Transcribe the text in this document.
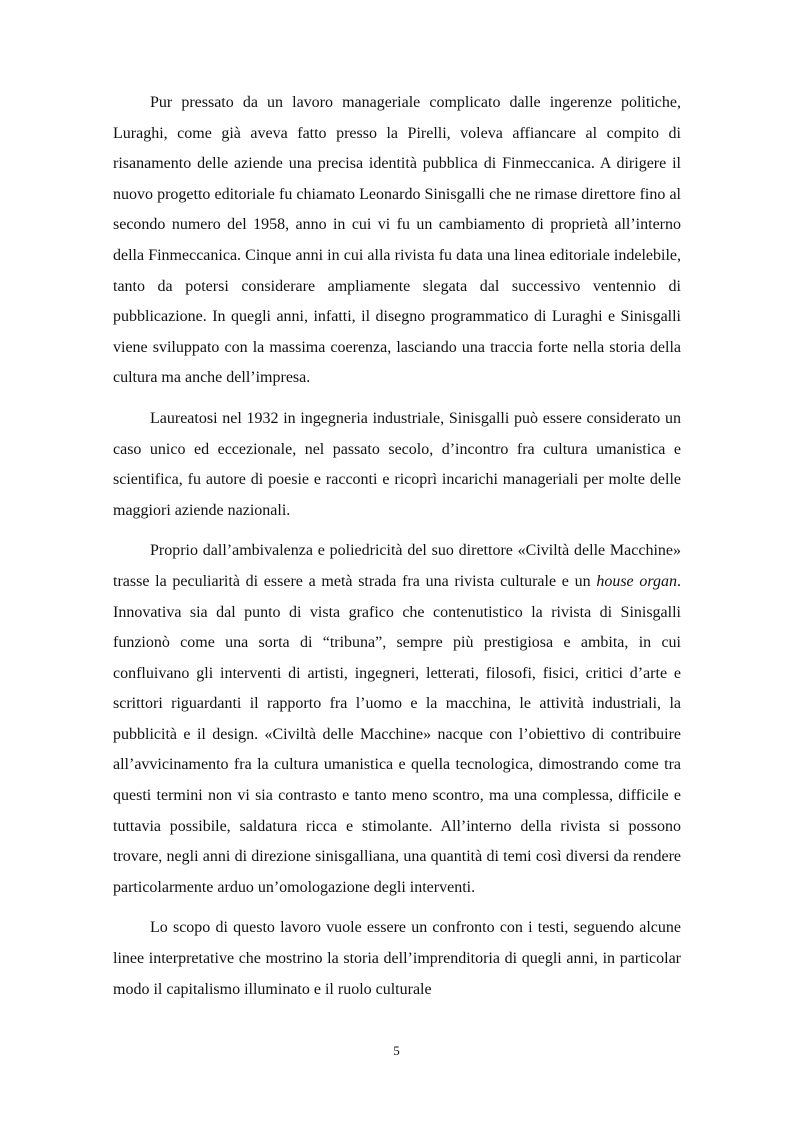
Pur pressato da un lavoro manageriale complicato dalle ingerenze politiche, Luraghi, come già aveva fatto presso la Pirelli, voleva affiancare al compito di risanamento delle aziende una precisa identità pubblica di Finmeccanica. A dirigere il nuovo progetto editoriale fu chiamato Leonardo Sinisgalli che ne rimase direttore fino al secondo numero del 1958, anno in cui vi fu un cambiamento di proprietà all’interno della Finmeccanica. Cinque anni in cui alla rivista fu data una linea editoriale indelebile, tanto da potersi considerare ampliamente slegata dal successivo ventennio di pubblicazione. In quegli anni, infatti, il disegno programmatico di Luraghi e Sinisgalli viene sviluppato con la massima coerenza, lasciando una traccia forte nella storia della cultura ma anche dell’impresa.

Laureatosi nel 1932 in ingegneria industriale, Sinisgalli può essere considerato un caso unico ed eccezionale, nel passato secolo, d’incontro fra cultura umanistica e scientifica, fu autore di poesie e racconti e ricoprì incarichi manageriali per molte delle maggiori aziende nazionali.

Proprio dall’ambivalenza e poliedricità del suo direttore «Civiltà delle Macchine» trasse la peculiarità di essere a metà strada fra una rivista culturale e un house organ. Innovativa sia dal punto di vista grafico che contenutistico la rivista di Sinisgalli funzionò come una sorta di “tribuna”, sempre più prestigiosa e ambita, in cui confluivano gli interventi di artisti, ingegneri, letterati, filosofi, fisici, critici d’arte e scrittori riguardanti il rapporto fra l’uomo e la macchina, le attività industriali, la pubblicità e il design. «Civiltà delle Macchine» nacque con l’obiettivo di contribuire all’avvicinamento fra la cultura umanistica e quella tecnologica, dimostrando come tra questi termini non vi sia contrasto e tanto meno scontro, ma una complessa, difficile e tuttavia possibile, saldatura ricca e stimolante. All’interno della rivista si possono trovare, negli anni di direzione sinisgalliana, una quantità di temi così diversi da rendere particolarmente arduo un’omologazione degli interventi.

Lo scopo di questo lavoro vuole essere un confronto con i testi, seguendo alcune linee interpretative che mostrino la storia dell’imprenditoria di quegli anni, in particolar modo il capitalismo illuminato e il ruolo culturale

5
